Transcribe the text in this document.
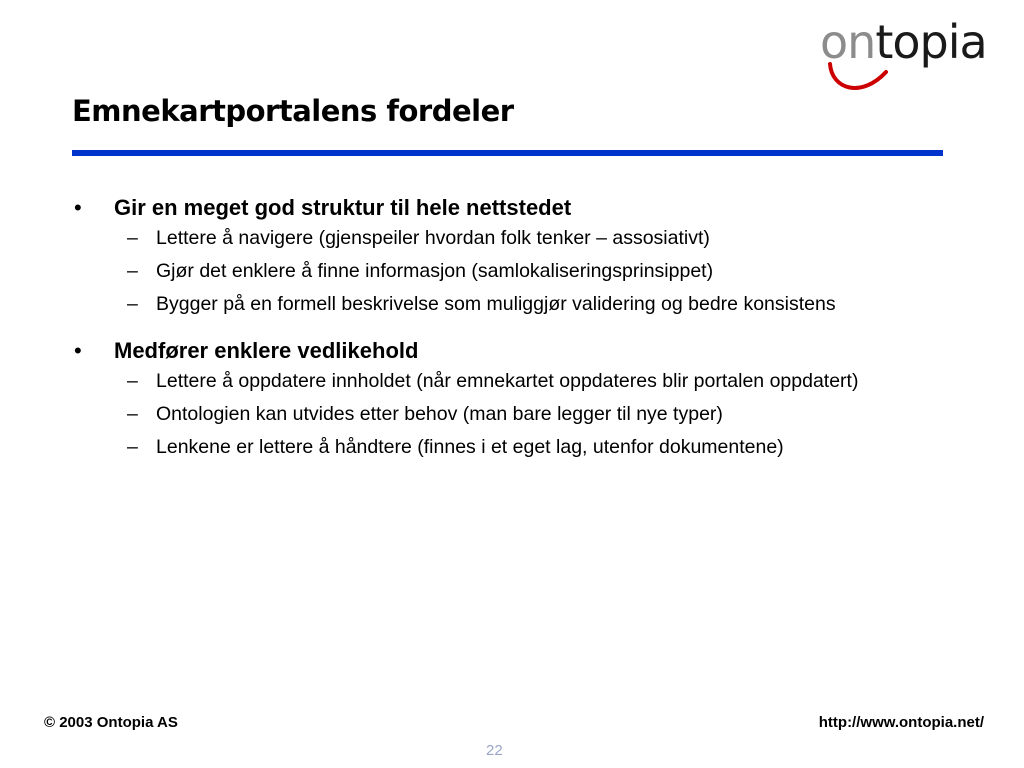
ontopia
Emnekartportalens fordeler
•	Gir en meget god struktur til hele nettstedet
– Lettere å navigere (gjenspeiler hvordan folk tenker – assosiativt)
– Gjør det enklere å finne informasjon (samlokaliseringsprinsippet)
– Bygger på en formell beskrivelse som muliggjør validering og bedre konsistens
•	Medfører enklere vedlikehold
– Lettere å oppdatere innholdet (når emnekartet oppdateres blir portalen oppdatert)
– Ontologien kan utvides etter behov (man bare legger til nye typer)
– Lenkene er lettere å håndtere (finnes i et eget lag, utenfor dokumentene)
© 2003 Ontopia AS	http://www.ontopia.net/
22
